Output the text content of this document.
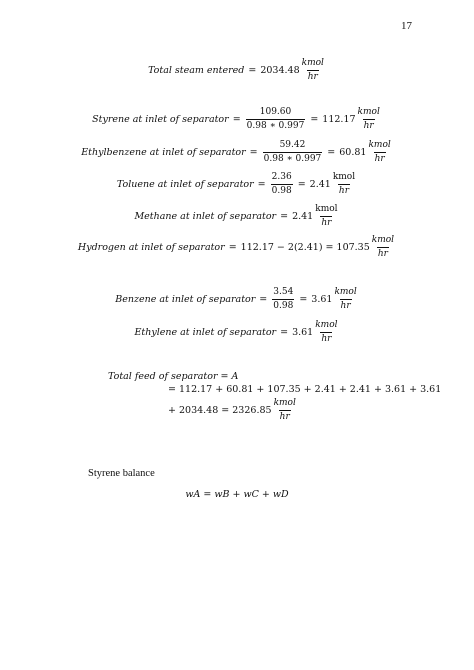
17
Total steam entered = $2034.48 \frac{\text{kmol}}{hr}$
Styrene at inlet of separator = $\frac{109.60}{0.98 ∗ 0.997} = 112.17 \frac{\text{kmol}}{hr}$
Ethylbenzene at inlet of separator = $\frac{59.42}{0.98 ∗ 0.997} = 60.81 \frac{\text{kmol}}{hr}$
Toluene at inlet of separator = $\frac{2.36}{0.98} = 2.41 \frac{\text{kmol}}{hr}$
Methane at inlet of separator = $2.41 \frac{\text{kmol}}{hr}$
Hydrogen at inlet of separator = $112.17 - 2(2.41) = 107.35 \frac{\text{kmol}}{hr}$
Benzene at inlet of separator = $\frac{3.54}{0.98} = 3.61 \frac{\text{kmol}}{hr}$
Ethylene at inlet of separator = $3.61 \frac{\text{kmol}}{hr}$
Total feed of separator = A
= 112.17 + 60.81 + 107.35 + 2.41 + 2.41 + 3.61 + 3.61
+ $2034.48 = 2326.85 \frac{\text{kmol}}{hr}$
Styrene balance
wA = wB + wC + wD
